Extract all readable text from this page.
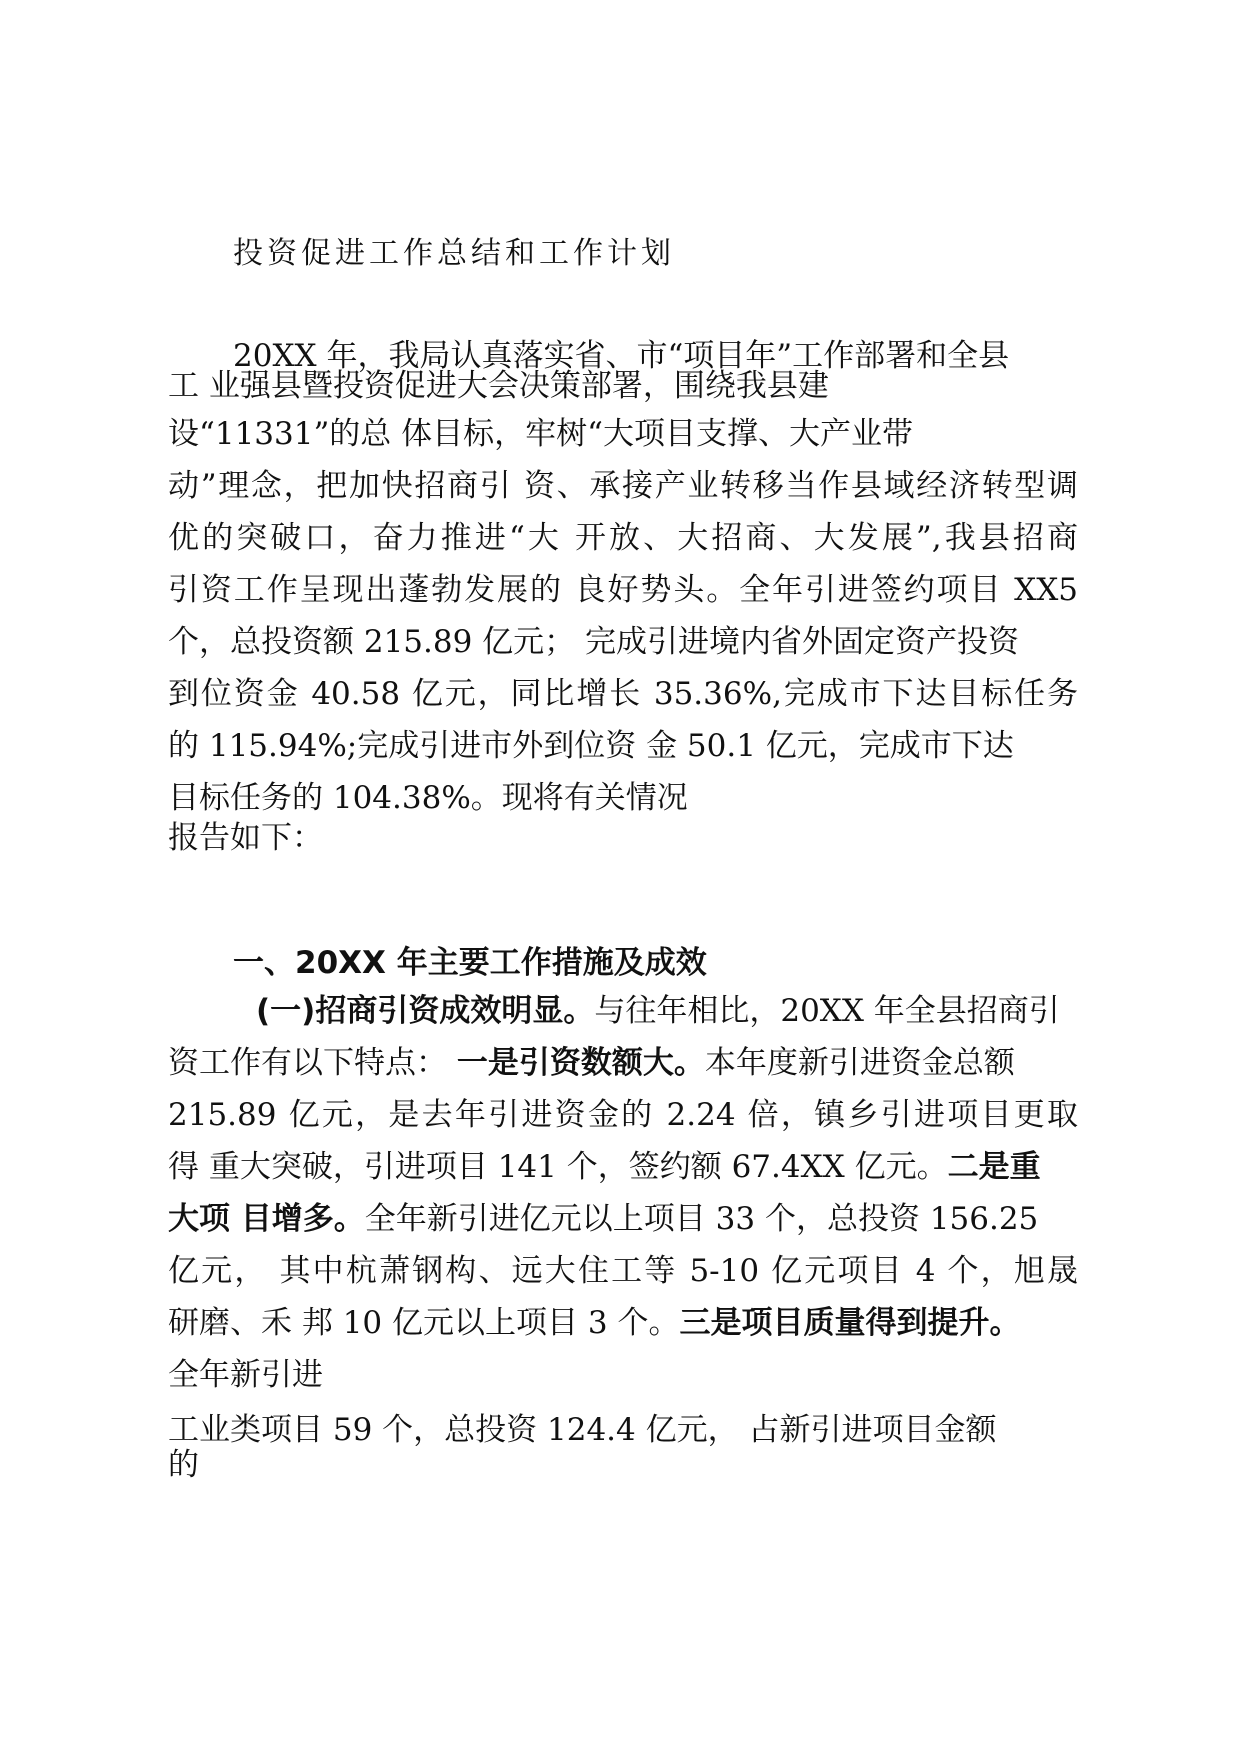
投资促进工作总结和工作计划
20XX 年，我局认真落实省、市“项目年”工作部署和全县
工 业强县暨投资促进大会决策部署，围绕我县建
设“11331”的总 体目标，牢树“大项目支撑、大产业带
动”理念，把加快招商引 资、承接产业转移当作县域经济转型调
优的突破口，奋力推进“大 开放、大招商、大发展”,我县招商
引资工作呈现出蓬勃发展的 良好势头。全年引进签约项目 XX5
个，总投资额 215.89 亿元； 完成引进境内省外固定资产投资
到位资金 40.58 亿元，同比增长 35.36%,完成市下达目标任务
的 115.94%;完成引进市外到位资 金 50.1 亿元，完成市下达
目标任务的 104.38%。现将有关情况
报告如下：
一、20XX 年主要工作措施及成效
(一)招商引资成效明显。与往年相比，20XX 年全县招商引
资工作有以下特点： 一是引资数额大。本年度新引进资金总额
215.89 亿元，是去年引进资金的 2.24 倍，镇乡引进项目更取
得 重大突破，引进项目 141 个，签约额 67.4XX 亿元。二是重
大项 目增多。全年新引进亿元以上项目 33 个，总投资 156.25
亿元， 其中杭萧钢构、远大住工等 5-10 亿元项目 4 个，旭晟
研磨、禾 邦 10 亿元以上项目 3 个。三是项目质量得到提升。
全年新引进
工业类项目 59 个，总投资 124.4 亿元， 占新引进项目金额
的
